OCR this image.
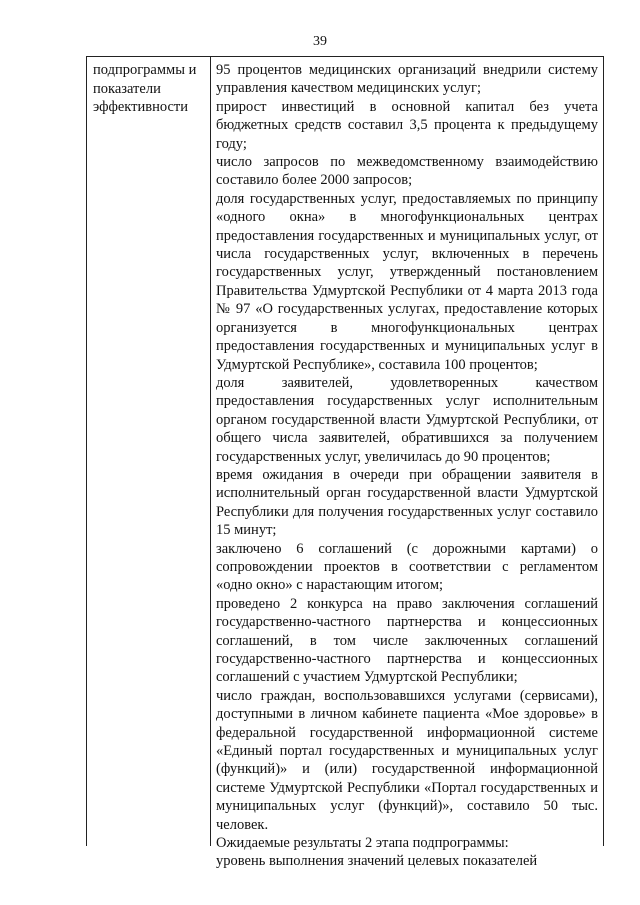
39
подпрограммы и
показатели
эффективности
95 процентов медицинских организаций внедрили систему управления качеством медицинских услуг;
прирост инвестиций в основной капитал без учета бюджетных средств составил 3,5 процента к предыдущему году;
число запросов по межведомственному взаимодействию составило более 2000 запросов;
доля государственных услуг, предоставляемых по принципу «одного окна» в многофункциональных центрах предоставления государственных и муниципальных услуг, от числа государственных услуг, включенных в перечень государственных услуг, утвержденный постановлением Правительства Удмуртской Республики от 4 марта 2013 года № 97 «О государственных услугах, предоставление которых организуется в многофункциональных центрах предоставления государственных и муниципальных услуг в Удмуртской Республике», составила 100 процентов;
доля заявителей, удовлетворенных качеством предоставления государственных услуг исполнительным органом государственной власти Удмуртской Республики, от общего числа заявителей, обратившихся за получением государственных услуг, увеличилась до 90 процентов;
время ожидания в очереди при обращении заявителя в исполнительный орган государственной власти Удмуртской Республики для получения государственных услуг составило 15 минут;
заключено 6 соглашений (с дорожными картами) о сопровождении проектов в соответствии с регламентом «одно окно» с нарастающим итогом;
проведено 2 конкурса на право заключения соглашений государственно-частного партнерства и концессионных соглашений, в том числе заключенных соглашений государственно-частного партнерства и концессионных соглашений с участием Удмуртской Республики;
число граждан, воспользовавшихся услугами (сервисами), доступными в личном кабинете пациента «Мое здоровье» в федеральной государственной информационной системе «Единый портал государственных и муниципальных услуг (функций)» и (или) государственной информационной системе Удмуртской Республики «Портал государственных и муниципальных услуг (функций)», составило 50 тыс. человек.
Ожидаемые результаты 2 этапа подпрограммы:
уровень выполнения значений целевых показателей
